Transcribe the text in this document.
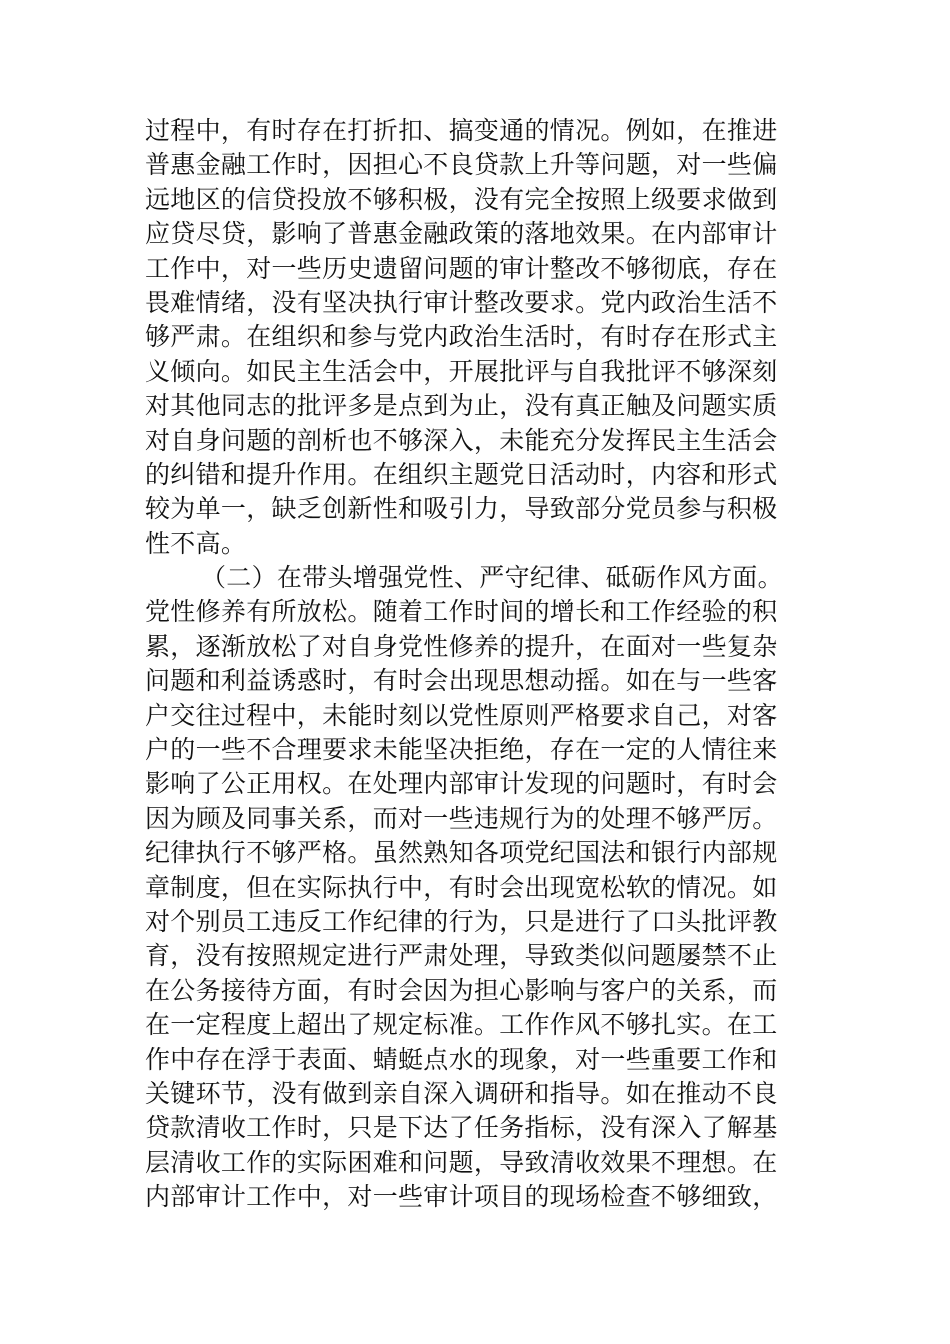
过程中，有时存在打折扣、搞变通的情况。例如，在推进
普惠金融工作时，因担心不良贷款上升等问题，对一些偏
远地区的信贷投放不够积极，没有完全按照上级要求做到
应贷尽贷，影响了普惠金融政策的落地效果。在内部审计
工作中，对一些历史遗留问题的审计整改不够彻底，存在
畏难情绪，没有坚决执行审计整改要求。党内政治生活不
够严肃。在组织和参与党内政治生活时，有时存在形式主
义倾向。如民主生活会中，开展批评与自我批评不够深刻
对其他同志的批评多是点到为止，没有真正触及问题实质
对自身问题的剖析也不够深入，未能充分发挥民主生活会
的纠错和提升作用。在组织主题党日活动时，内容和形式
较为单一，缺乏创新性和吸引力，导致部分党员参与积极
性不高。
（二）在带头增强党性、严守纪律、砥砺作风方面。
党性修养有所放松。随着工作时间的增长和工作经验的积
累，逐渐放松了对自身党性修养的提升，在面对一些复杂
问题和利益诱惑时，有时会出现思想动摇。如在与一些客
户交往过程中，未能时刻以党性原则严格要求自己，对客
户的一些不合理要求未能坚决拒绝，存在一定的人情往来
影响了公正用权。在处理内部审计发现的问题时，有时会
因为顾及同事关系，而对一些违规行为的处理不够严厉。
纪律执行不够严格。虽然熟知各项党纪国法和银行内部规
章制度，但在实际执行中，有时会出现宽松软的情况。如
对个别员工违反工作纪律的行为，只是进行了口头批评教
育，没有按照规定进行严肃处理，导致类似问题屡禁不止
在公务接待方面，有时会因为担心影响与客户的关系，而
在一定程度上超出了规定标准。工作作风不够扎实。在工
作中存在浮于表面、蜻蜓点水的现象，对一些重要工作和
关键环节，没有做到亲自深入调研和指导。如在推动不良
贷款清收工作时，只是下达了任务指标，没有深入了解基
层清收工作的实际困难和问题，导致清收效果不理想。在
内部审计工作中，对一些审计项目的现场检查不够细致，
